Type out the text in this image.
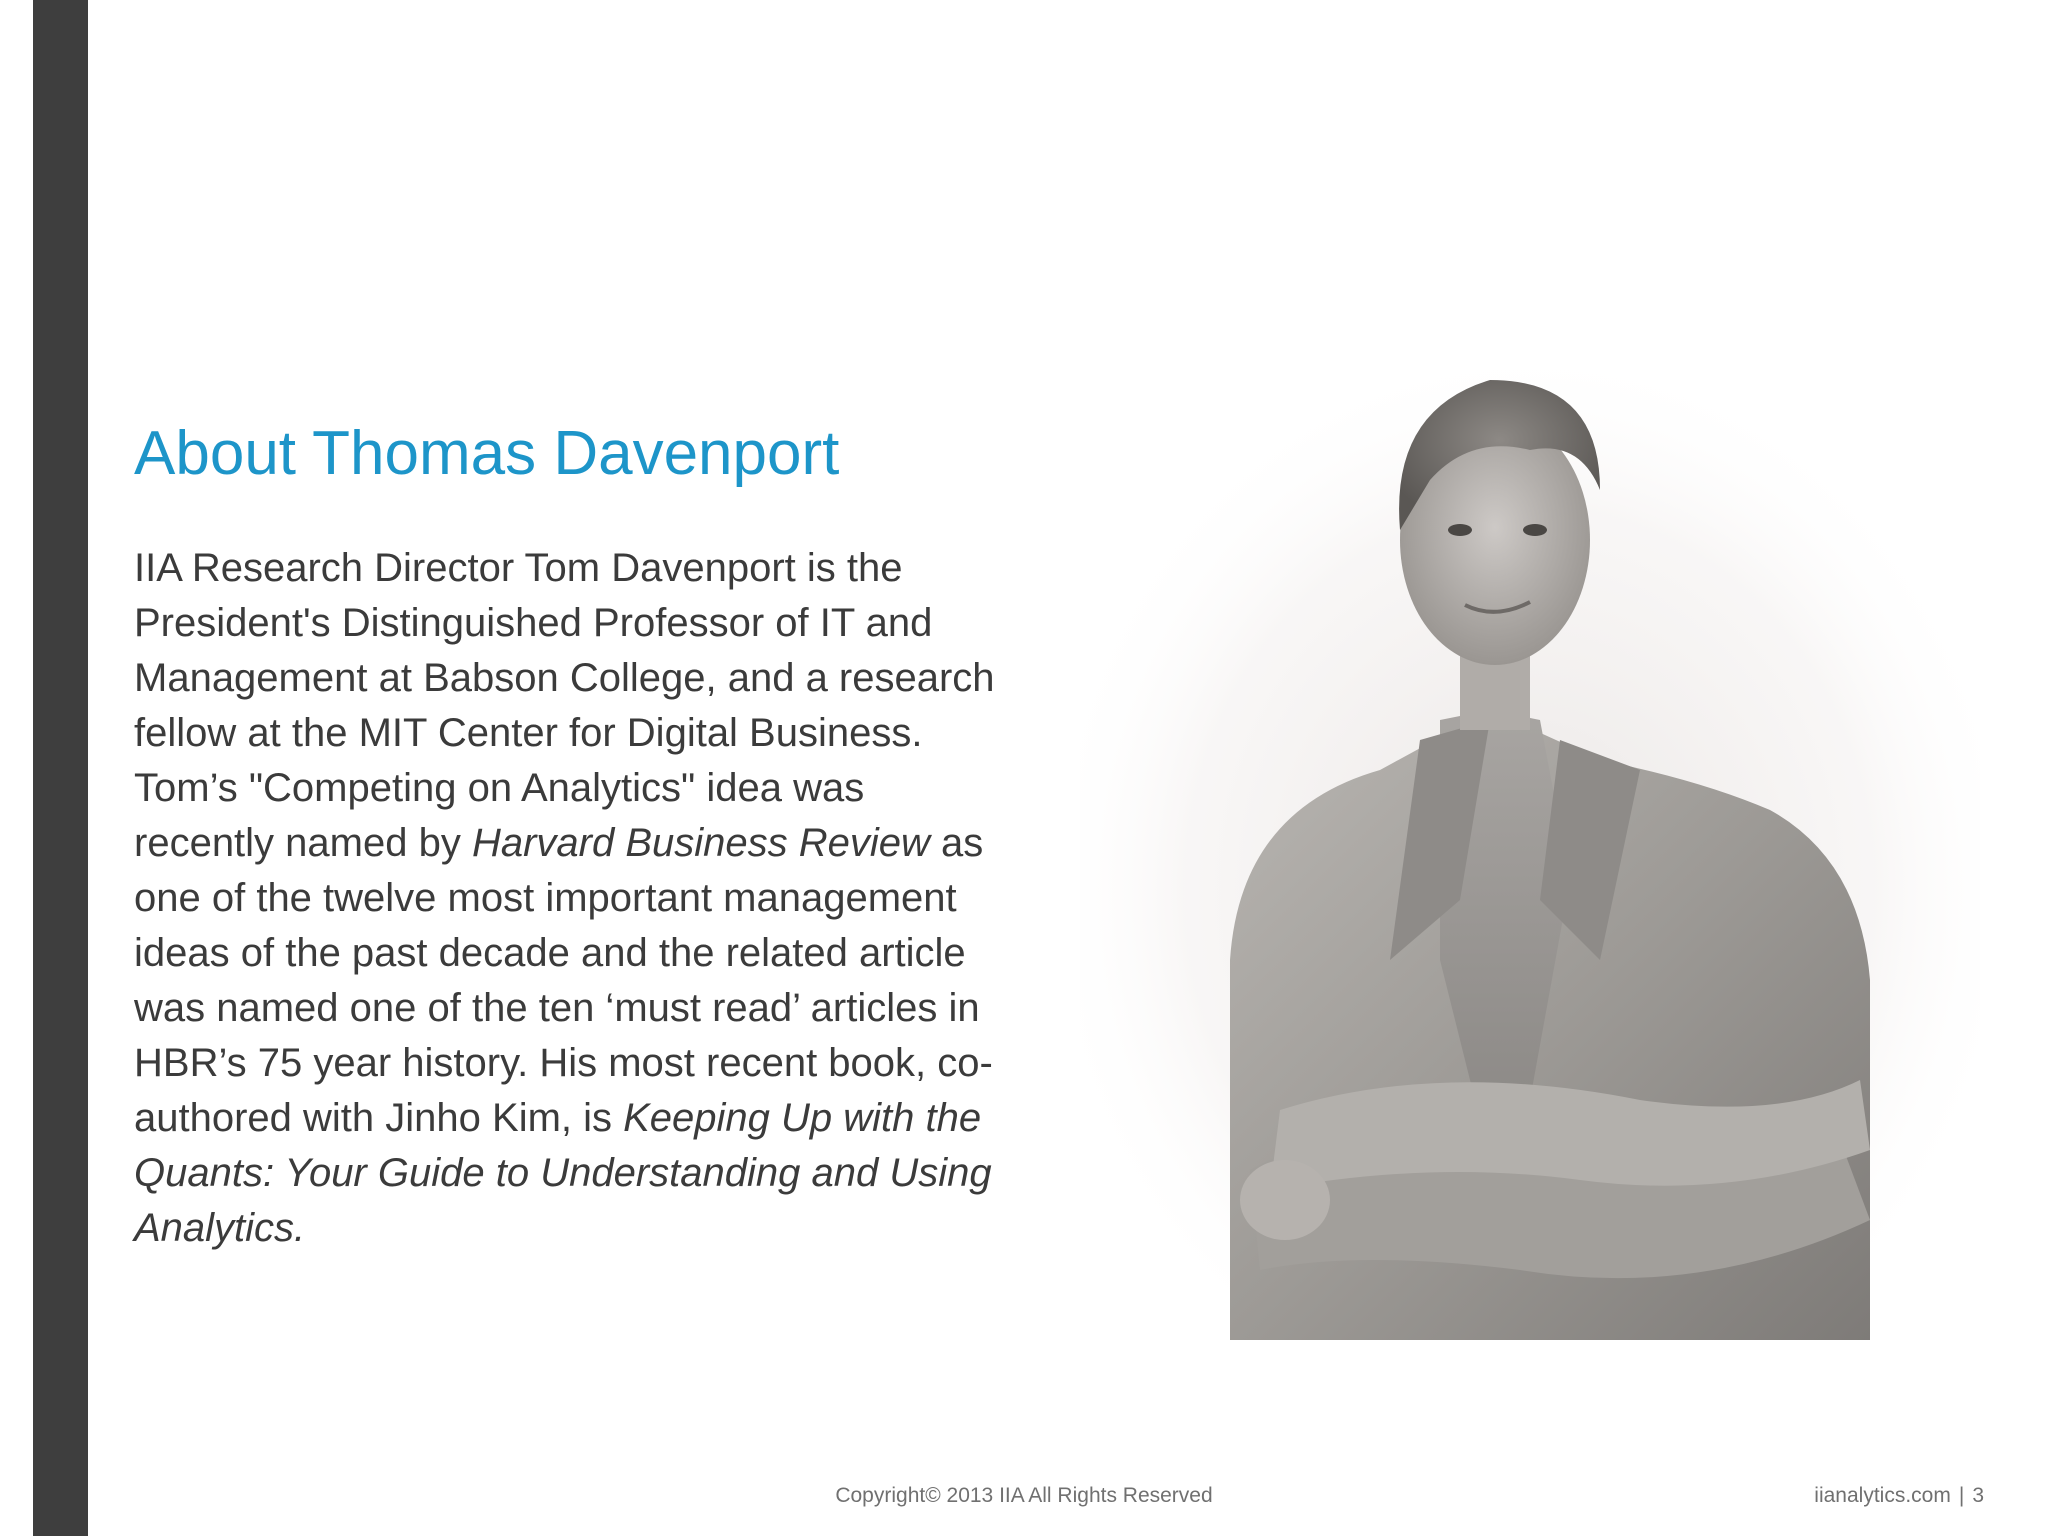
About Thomas Davenport

IIA Research Director Tom Davenport is the President's Distinguished Professor of IT and Management at Babson College, and a research fellow at the MIT Center for Digital Business. Tom’s "Competing on Analytics" idea was recently named by Harvard Business Review as one of the twelve most important management ideas of the past decade and the related article was named one of the ten ‘must read’ articles in HBR’s 75 year history. His most recent book, co-authored with Jinho Kim, is Keeping Up with the Quants: Your Guide to Understanding and Using Analytics.

Copyright© 2013 IIA All Rights Reserved	iianalytics.com | 3
